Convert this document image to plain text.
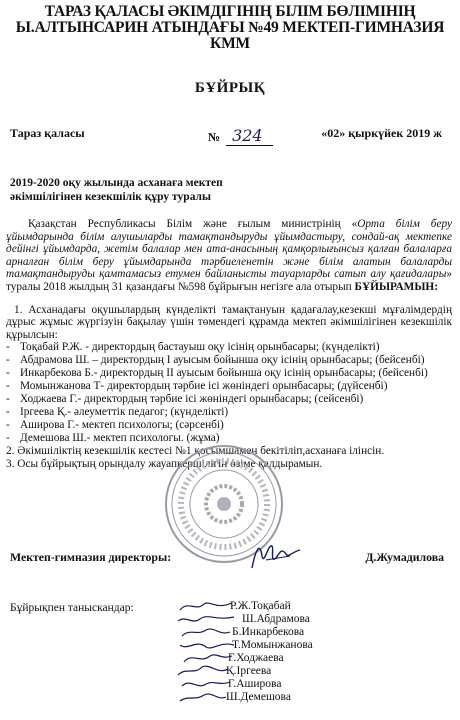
ТАРАЗ ҚАЛАСЫ ӘКІМДІГІНІҢ БІЛІМ БӨЛІМІНІҢ
Ы.АЛТЫНСАРИН АТЫНДАҒЫ №49 МЕКТЕП-ГИМНАЗИЯ КММ
БҰЙРЫҚ
Тараз қаласы	№ 324	«02» қыркүйек 2019 ж
2019-2020 оқу жылында асханаға мектеп
әкімшілігінен кезекшілік құру туралы

Қазақстан Республикасы Білім және ғылым министрінің «Орта білім беру ұйымдарында білім алушыларды тамақтандыруды ұйымдастыру, сондай-ақ мектепке дейінгі ұйымдарда, жетім балалар мен ата-анасының қамқорлығынсыз қалған балаларға арналған білім беру ұйымдарында тәрбиеленетін және білім алатын балаларды тамақтандыруды қамтамасыз етумен байланысты тауарларды сатып алу қағидалары» туралы 2018 жылдың 31 қазандағы №598 бұйрығын негізге ала отырып БҰЙЫРАМЫН:

1. Асханадағы оқушылардың күнделікті тамақтануын қадағалау,кезекші мұғалімдердің дұрыс жұмыс жүргізуін бақылау үшін төмендегі құрамда мектеп әкімшілігінен кезекшілік құрылсын:

- Тоқабай Р.Ж. - директордың бастауыш оқу ісінің орынбасары; (күнделікті)
- Абдрамова Ш. – директордың І ауысым бойынша оқу ісінің орынбасары; (бейсенбі)
- Инкарбекова Б.- директордың ІІ ауысым бойынша оқу ісінің орынбасары; (бейсенбі)
- Момынжанова Т- директордың тәрбие ісі жөніндегі орынбасары; (дүйсенбі)
- Ходжаева Г.- директордың тәрбие ісі жөніндегі орынбасары; (сейсенбі)
- Іргеева Қ.- әлеуметтік педагог; (күнделікті)
- Аширова Г.- мектеп психологы; (сәрсенбі)
- Демешова Ш.- мектеп психологы. (жұма)

2. Әкімшіліктің кезекшілік кестесі №1 қосымшамен бекітіліп,асханаға ілінсін.

3. Осы бұйрықтың орындалу жауапкершілігін өзіме қалдырамын.

Мектеп-гимназия директоры:	Д.Жумадилова
Бұйрықпен таныскандар:	Р.Ж.Тоқабай
Ш.Абдрамова
Б.Инкарбекова
Т.Момынжанова
Г.Ходжаева
Қ.Іргеева
Г.Аширова
Ш.Демешова
